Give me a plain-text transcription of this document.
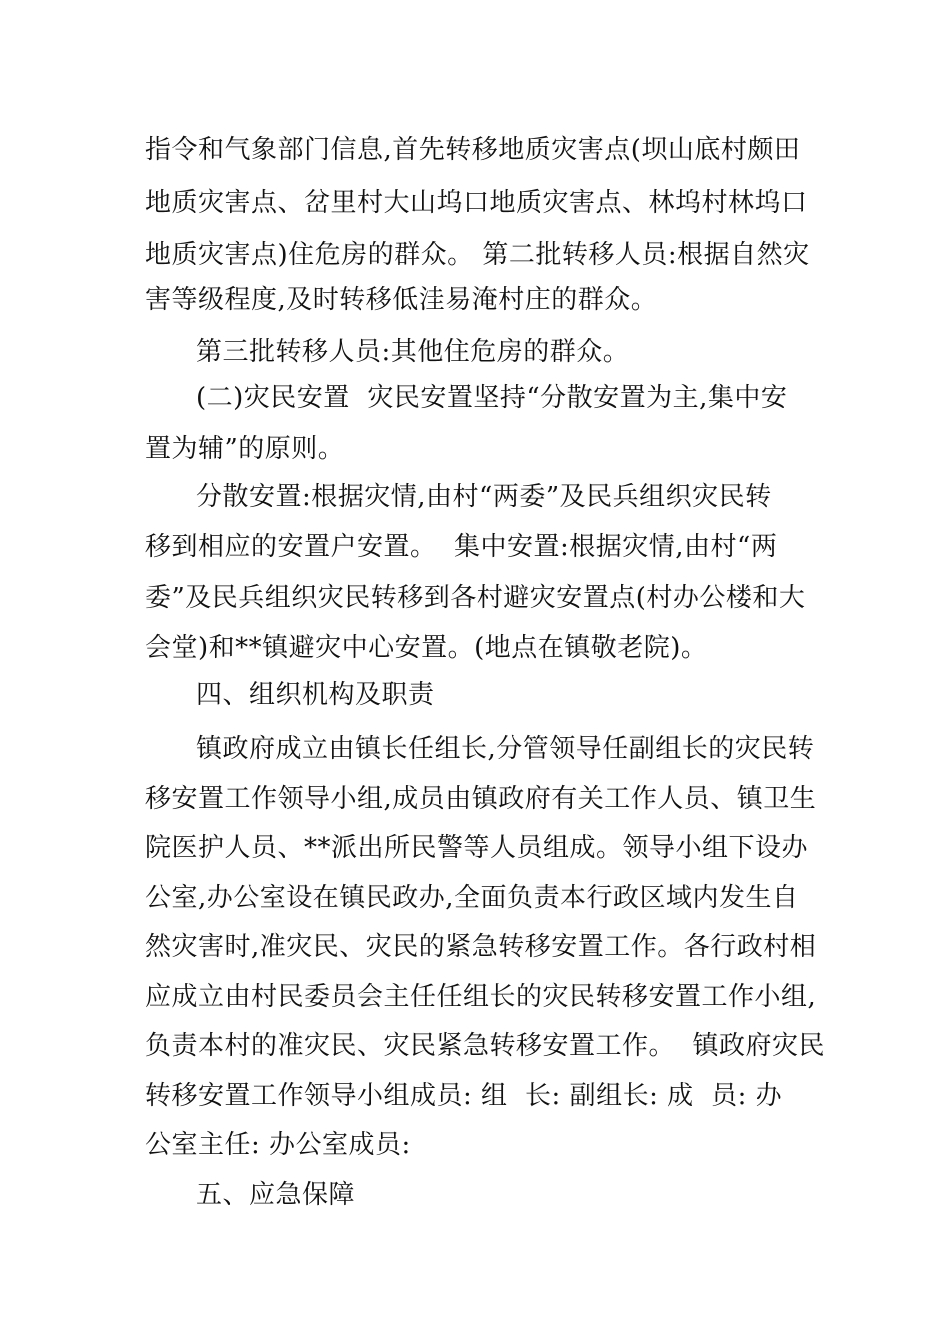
指令和气象部门信息,首先转移地质灾害点(坝山底村颇田
地质灾害点、岔里村大山坞口地质灾害点、林坞村林坞口
地质灾害点)住危房的群众。 第二批转移人员:根据自然灾
害等级程度,及时转移低洼易淹村庄的群众。
第三批转移人员:其他住危房的群众。
(二)灾民安置  灾民安置坚持“分散安置为主,集中安
置为辅”的原则。
分散安置:根据灾情,由村“两委”及民兵组织灾民转
移到相应的安置户安置。  集中安置:根据灾情,由村“两
委”及民兵组织灾民转移到各村避灾安置点(村办公楼和大
会堂)和**镇避灾中心安置。(地点在镇敬老院)。
四、组织机构及职责
镇政府成立由镇长任组长,分管领导任副组长的灾民转
移安置工作领导小组,成员由镇政府有关工作人员、镇卫生
院医护人员、**派出所民警等人员组成。领导小组下设办
公室,办公室设在镇民政办,全面负责本行政区域内发生自
然灾害时,准灾民、灾民的紧急转移安置工作。各行政村相
应成立由村民委员会主任任组长的灾民转移安置工作小组,
负责本村的准灾民、灾民紧急转移安置工作。  镇政府灾民
转移安置工作领导小组成员: 组  长: 副组长: 成  员: 办
公室主任: 办公室成员:
五、应急保障
